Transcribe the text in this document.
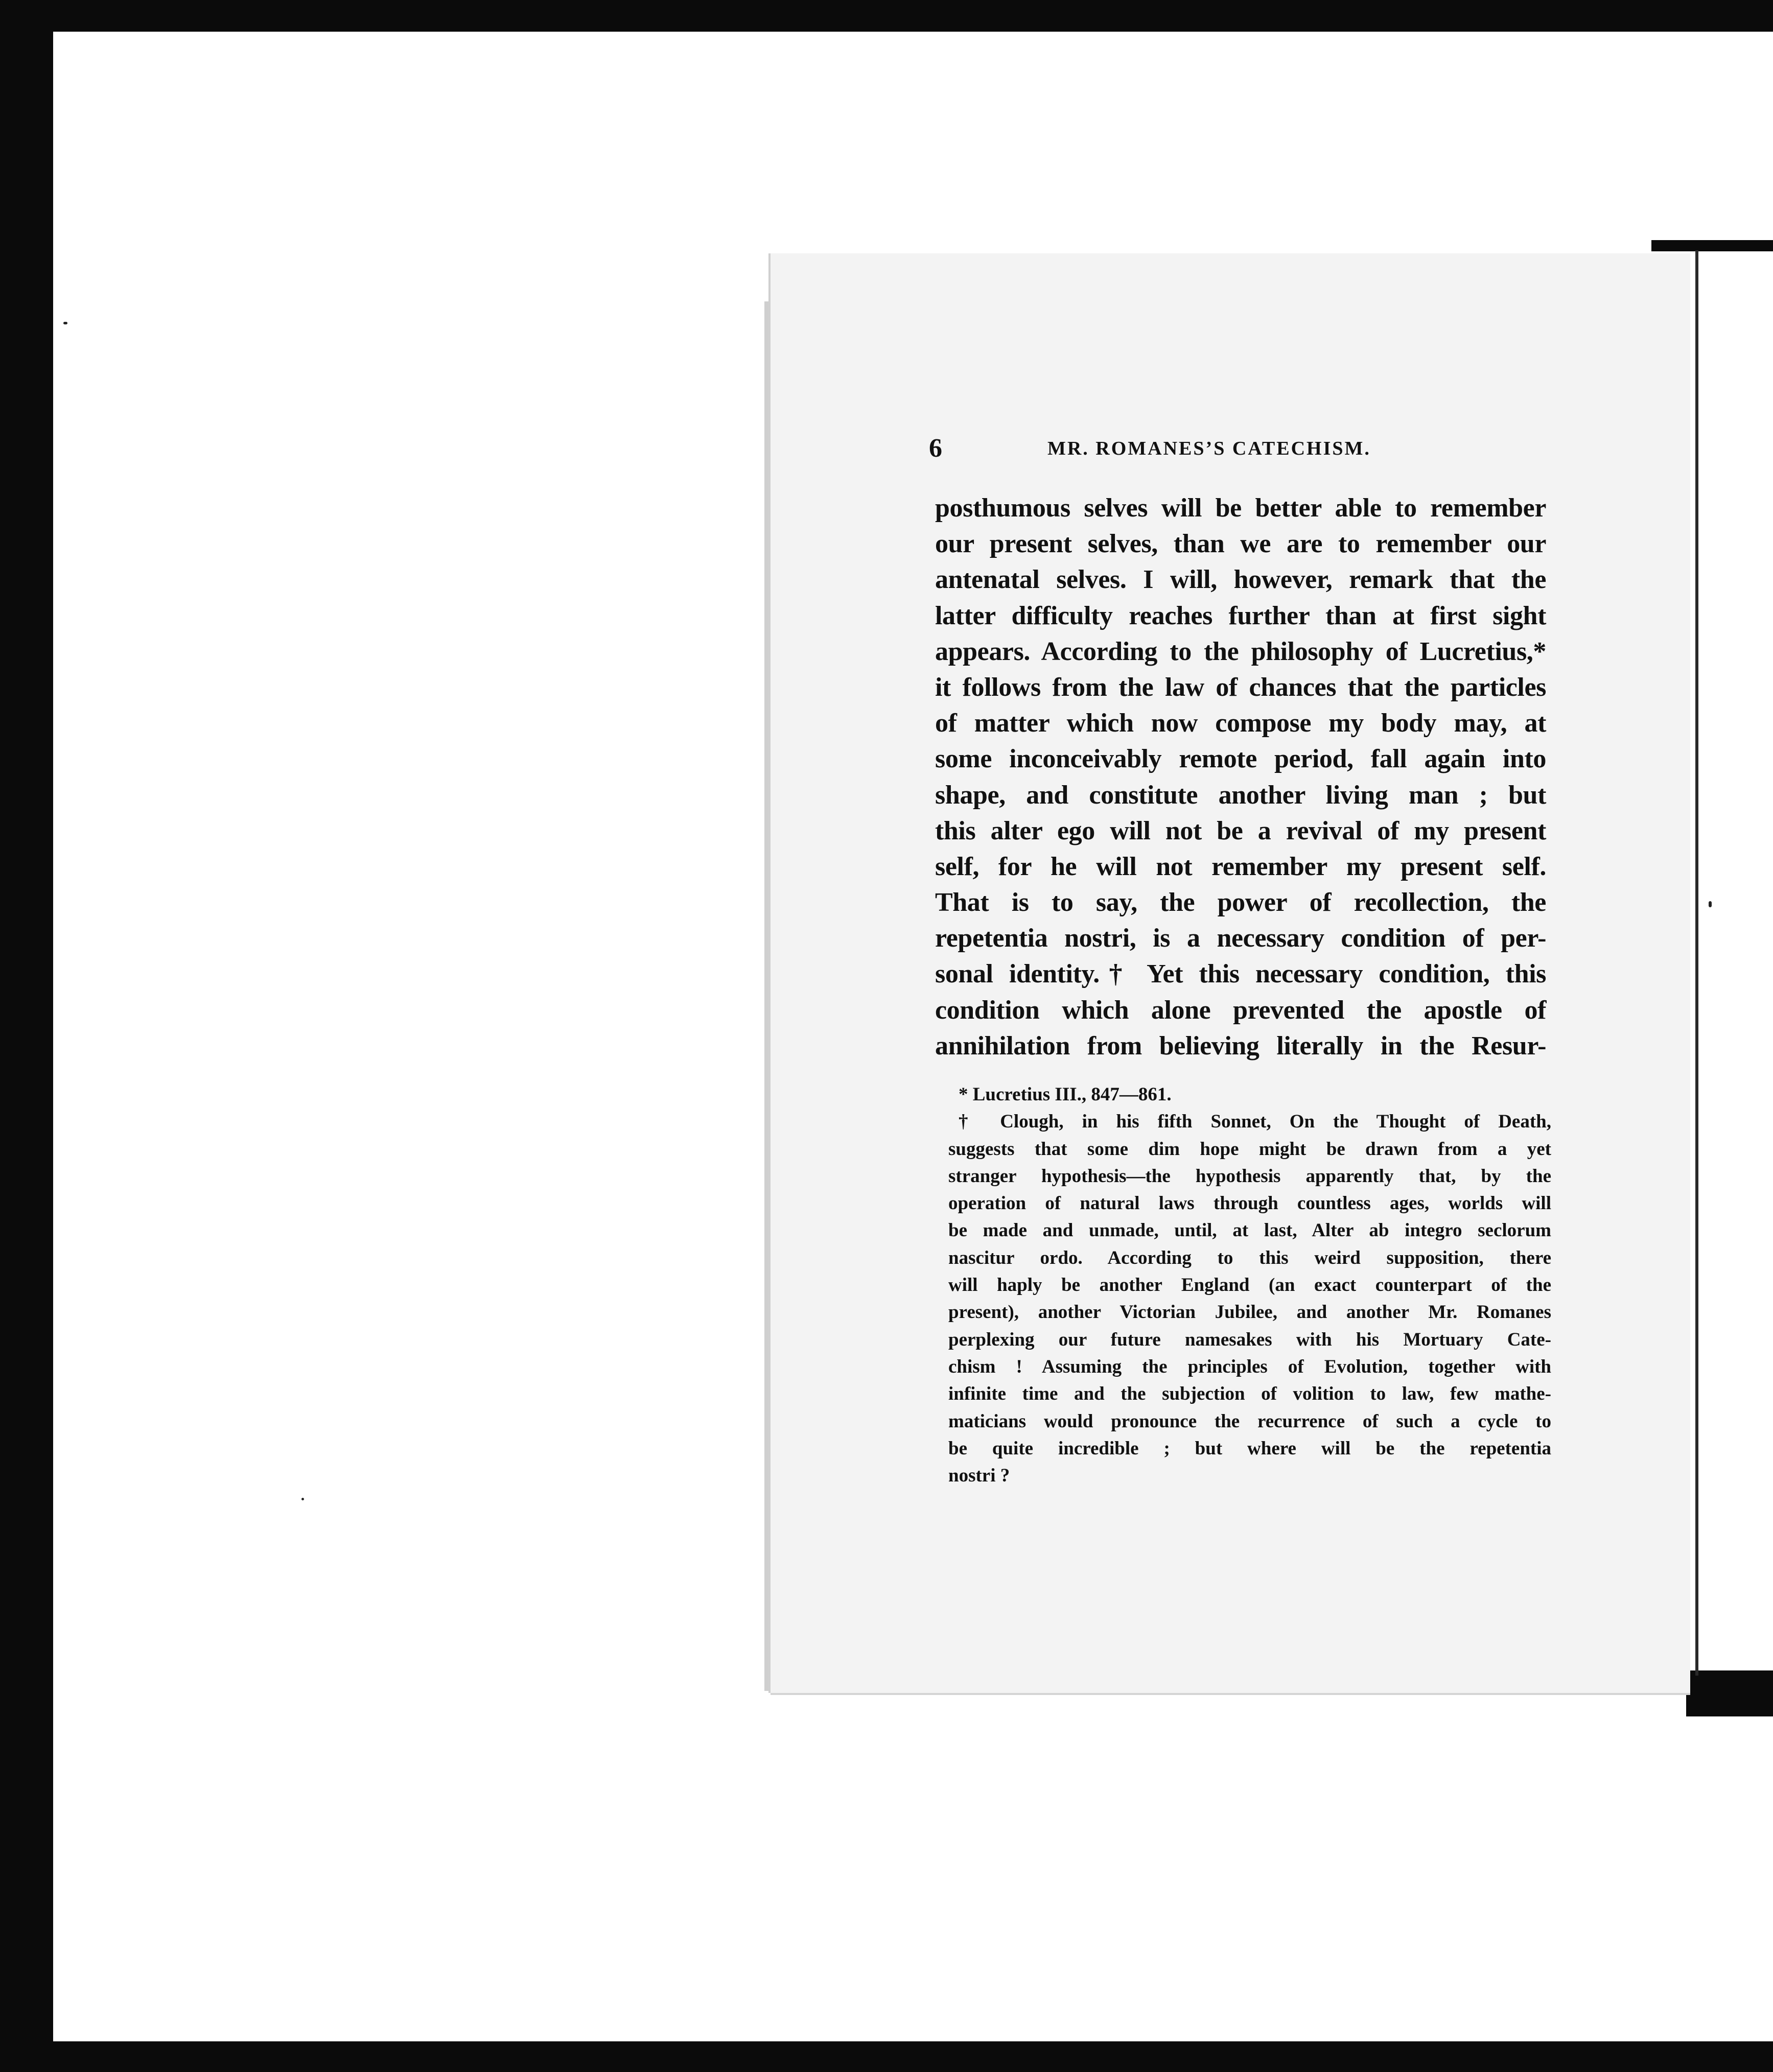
6	MR. ROMANES’S CATECHISM.
posthumous selves will be better able to remember
our present selves, than we are to remember our
antenatal selves. I will, however, remark that the
latter difficulty reaches further than at first sight
appears. According to the philosophy of Lucretius,*
it follows from the law of chances that the particles
of matter which now compose my body may, at
some inconceivably remote period, fall again into
shape, and constitute another living man ; but
this alter ego will not be a revival of my present
self, for he will not remember my present self.
That is to say, the power of recollection, the
repetentia nostri, is a necessary condition of per-
sonal identity.† Yet this necessary condition, this
condition which alone prevented the apostle of
annihilation from believing literally in the Resur-
* Lucretius III., 847—861.
† Clough, in his fifth Sonnet, On the Thought of Death,
suggests that some dim hope might be drawn from a yet
stranger hypothesis—the hypothesis apparently that, by the
operation of natural laws through countless ages, worlds will
be made and unmade, until, at last, Alter ab integro seclorum
nascitur ordo. According to this weird supposition, there
will haply be another England (an exact counterpart of the
present), another Victorian Jubilee, and another Mr. Romanes
perplexing our future namesakes with his Mortuary Cate-
chism ! Assuming the principles of Evolution, together with
infinite time and the subjection of volition to law, few mathe-
maticians would pronounce the recurrence of such a cycle to
be quite incredible ; but where will be the repetentia
nostri ?
